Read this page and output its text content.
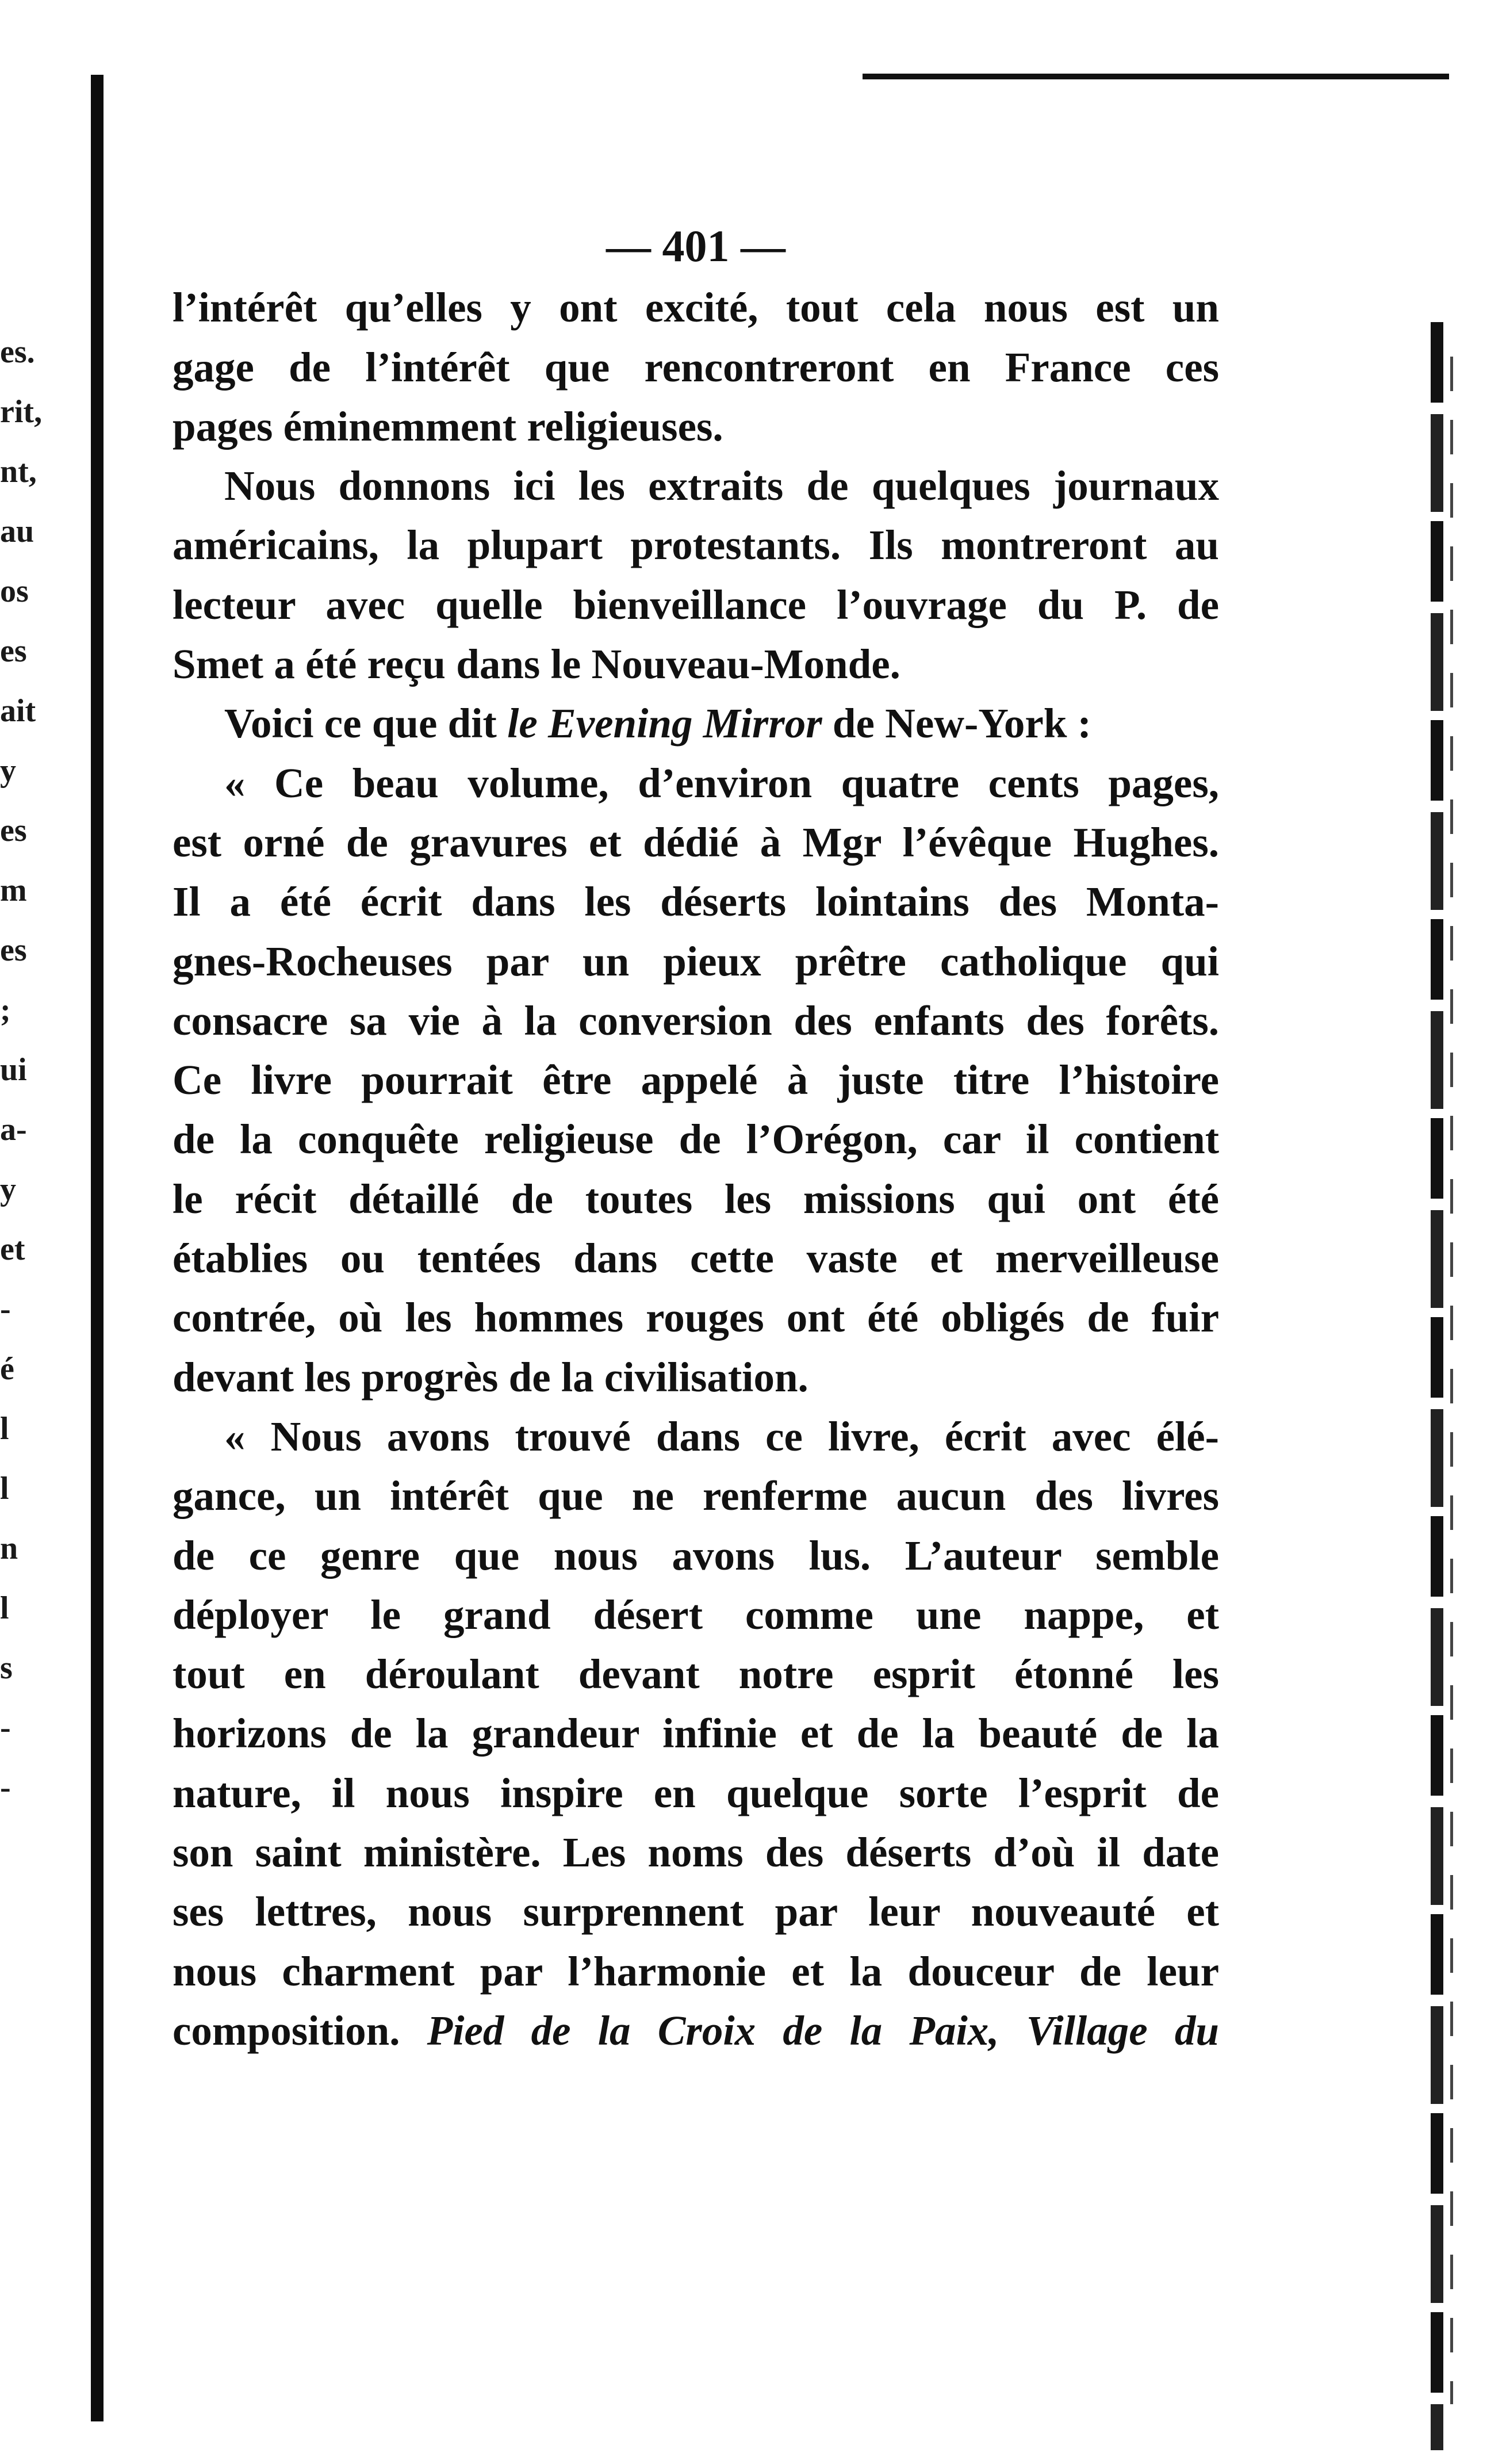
es.
rit,
nt,
au
os
es
ait
y
es
m
es
;
ui
a-
y
et
-
é
l
l
n
l
s
-
-
— 401 —
l’intérêt qu’elles y ont excité, tout cela nous est un
gage de l’intérêt que rencontreront en France ces
pages éminemment religieuses.
Nous donnons ici les extraits de quelques journaux
américains, la plupart protestants. Ils montreront au
lecteur avec quelle bienveillance l’ouvrage du P. de
Smet a été reçu dans le Nouveau-Monde.
Voici ce que dit le Evening Mirror de New-York :
« Ce beau volume, d’environ quatre cents pages,
est orné de gravures et dédié à Mgr l’évêque Hughes.
Il a été écrit dans les déserts lointains des Monta-
gnes-Rocheuses par un pieux prêtre catholique qui
consacre sa vie à la conversion des enfants des forêts.
Ce livre pourrait être appelé à juste titre l’histoire
de la conquête religieuse de l’Orégon, car il contient
le récit détaillé de toutes les missions qui ont été
établies ou tentées dans cette vaste et merveilleuse
contrée, où les hommes rouges ont été obligés de fuir
devant les progrès de la civilisation.
« Nous avons trouvé dans ce livre, écrit avec élé-
gance, un intérêt que ne renferme aucun des livres
de ce genre que nous avons lus. L’auteur semble
déployer le grand désert comme une nappe, et
tout en déroulant devant notre esprit étonné les
horizons de la grandeur infinie et de la beauté de la
nature, il nous inspire en quelque sorte l’esprit de
son saint ministère. Les noms des déserts d’où il date
ses lettres, nous surprennent par leur nouveauté et
nous charment par l’harmonie et la douceur de leur
composition. Pied de la Croix de la Paix, Village du
